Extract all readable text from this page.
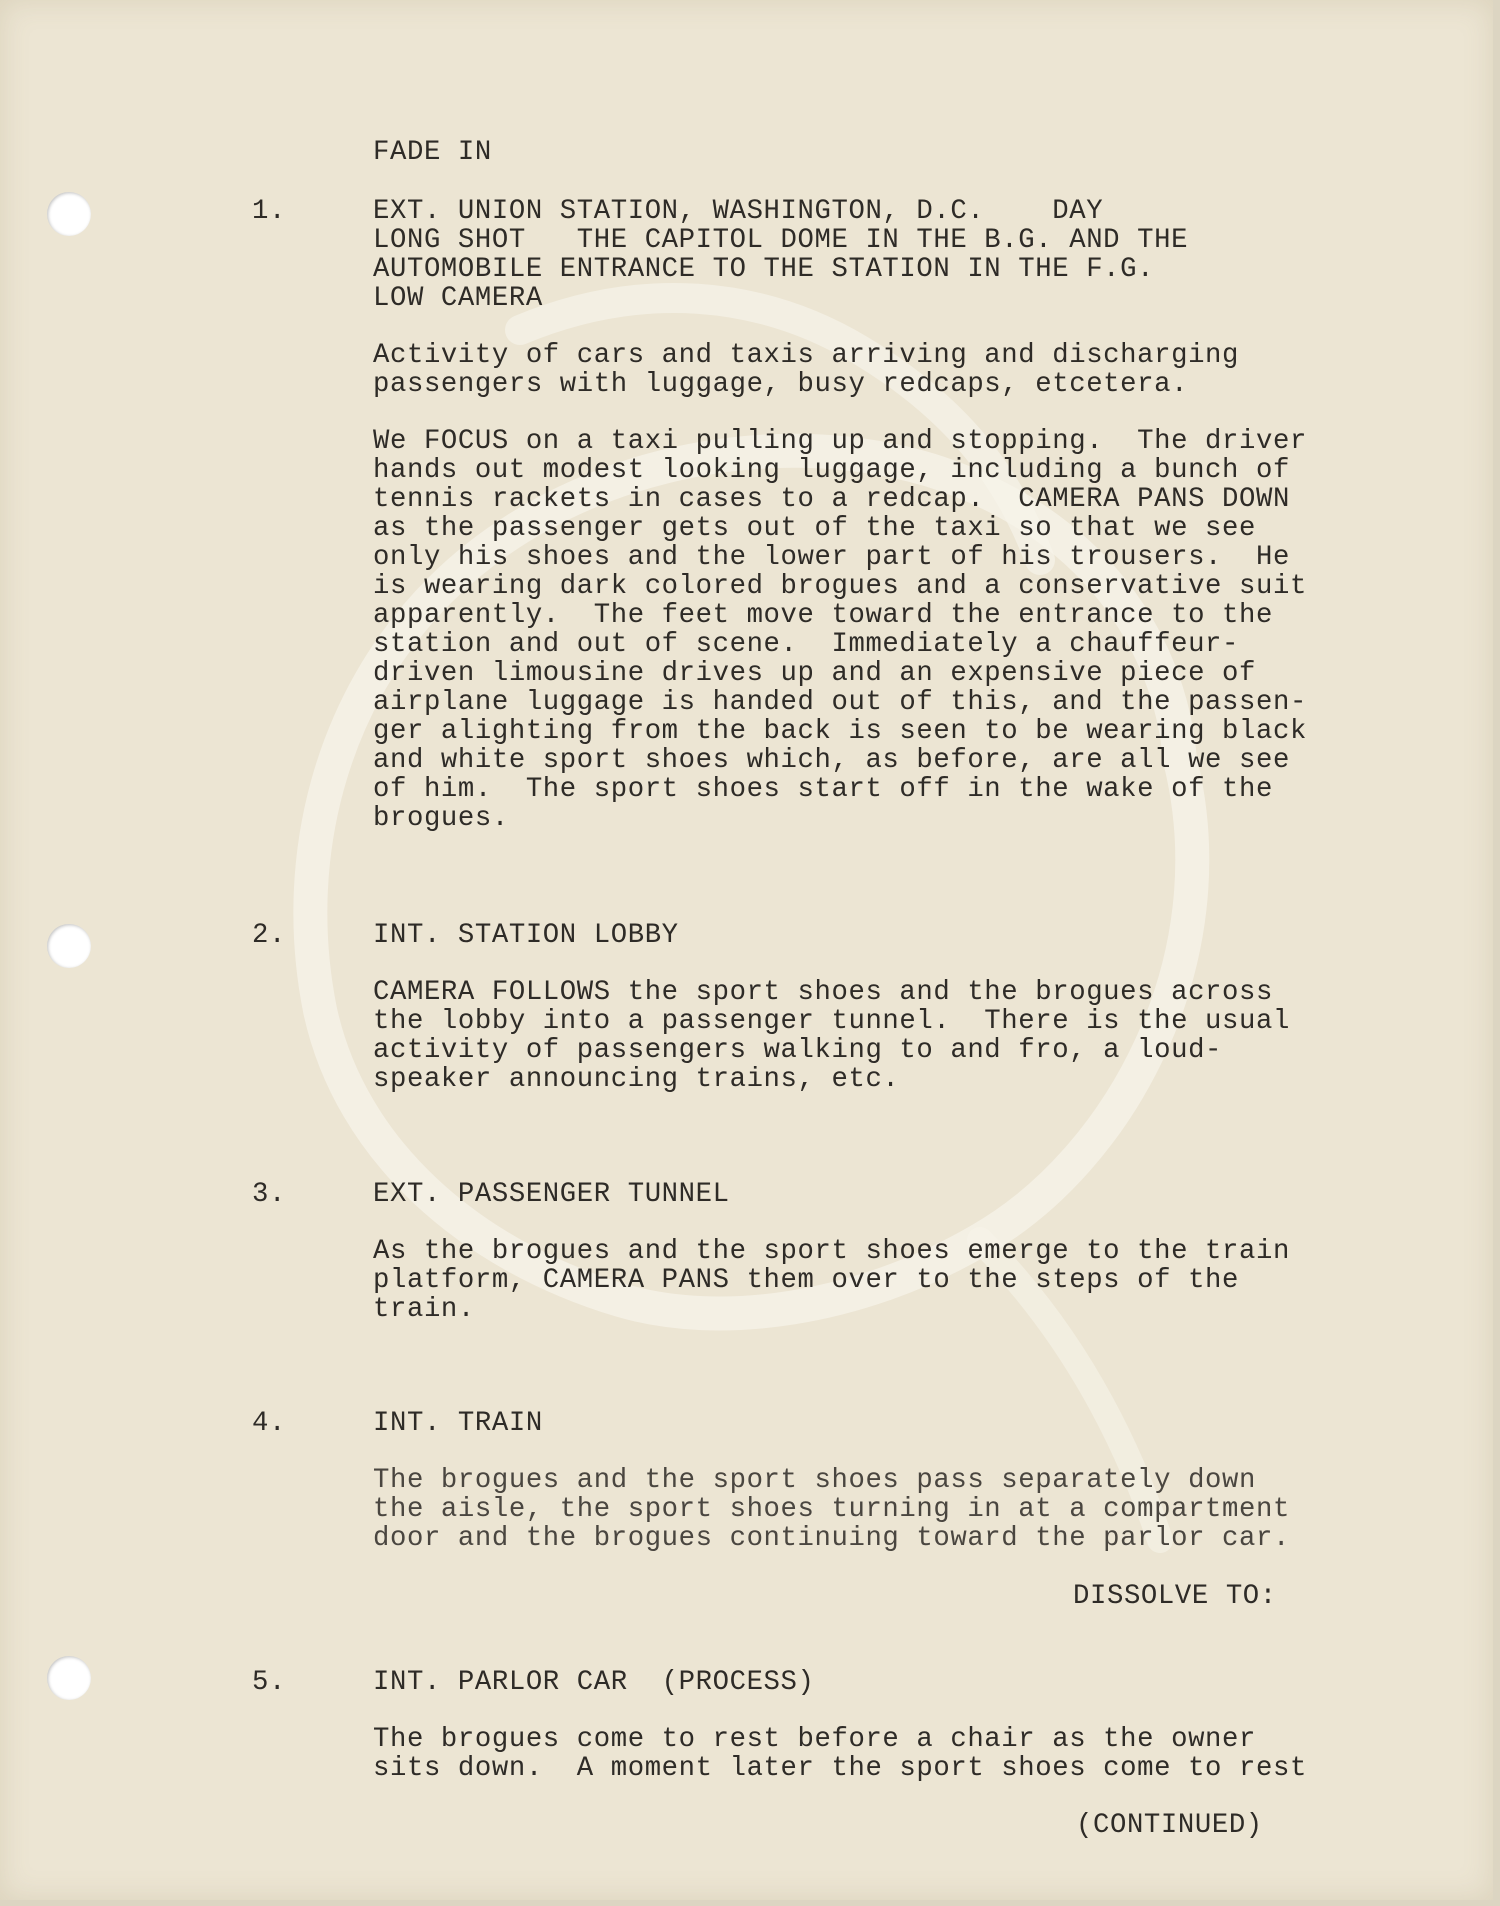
FADE IN

1.	EXT. UNION STATION, WASHINGTON, D.C.    DAY

LONG SHOT   THE CAPITOL DOME IN THE B.G. AND THE

AUTOMOBILE ENTRANCE TO THE STATION IN THE F.G.

LOW CAMERA

Activity of cars and taxis arriving and discharging

passengers with luggage, busy redcaps, etcetera.

We FOCUS on a taxi pulling up and stopping.  The driver

hands out modest looking luggage, including a bunch of

tennis rackets in cases to a redcap.  CAMERA PANS DOWN

as the passenger gets out of the taxi so that we see

only his shoes and the lower part of his trousers.  He

is wearing dark colored brogues and a conservative suit

apparently.  The feet move toward the entrance to the

station and out of scene.  Immediately a chauffeur-

driven limousine drives up and an expensive piece of

airplane luggage is handed out of this, and the passen-

ger alighting from the back is seen to be wearing black

and white sport shoes which, as before, are all we see

of him.  The sport shoes start off in the wake of the

brogues.

2.	INT. STATION LOBBY

CAMERA FOLLOWS the sport shoes and the brogues across

the lobby into a passenger tunnel.  There is the usual

activity of passengers walking to and fro, a loud-

speaker announcing trains, etc.

3.	EXT. PASSENGER TUNNEL

As the brogues and the sport shoes emerge to the train

platform, CAMERA PANS them over to the steps of the

train.

4.	INT. TRAIN

The brogues and the sport shoes pass separately down

the aisle, the sport shoes turning in at a compartment

door and the brogues continuing toward the parlor car.

DISSOLVE TO:

5.	INT. PARLOR CAR  (PROCESS)

The brogues come to rest before a chair as the owner

sits down.  A moment later the sport shoes come to rest

(CONTINUED)
